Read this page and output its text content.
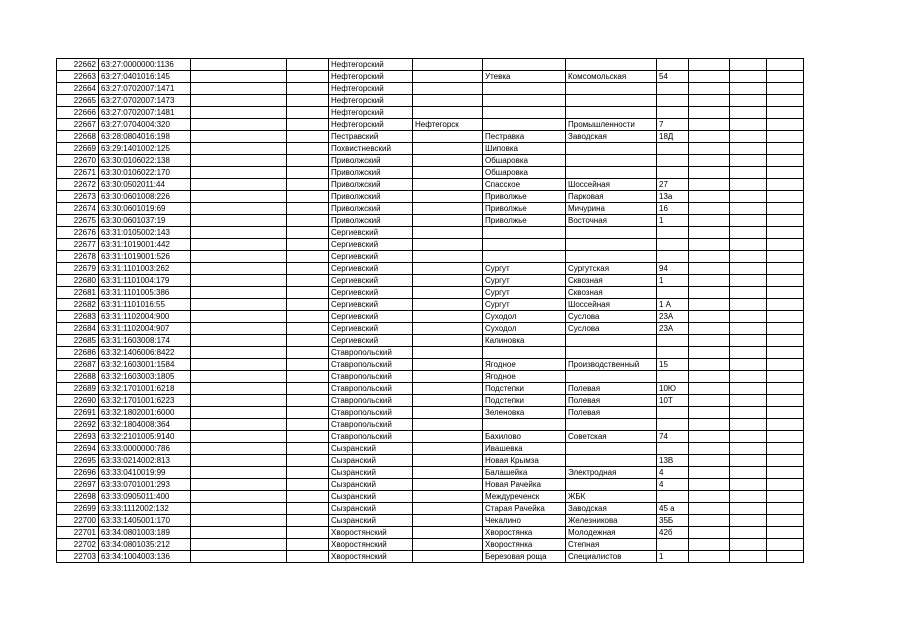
22662	63:27:0000000:1136			Нефтегорский							
22663	63:27:0401016:145			Нефтегорский		Утевка	Комсомольская	54			
22664	63:27:0702007:1471			Нефтегорский							
22665	63:27:0702007:1473			Нефтегорский							
22666	63:27:0702007:1481			Нефтегорский							
22667	63:27:0704004:320			Нефтегорский	Нефтегорск		Промышленности	7			
22668	63:28:0804016:198			Пестравский		Пестравка	Заводская	18Д			
22669	63:29:1401002:125			Похвистневский		Шиповка					
22670	63:30:0106022:138			Приволжский		Обшаровка					
22671	63:30:0106022:170			Приволжский		Обшаровка					
22672	63:30:0502011:44			Приволжский		Спасское	Шоссейная	27			
22673	63:30:0601008:226			Приволжский		Приволжье	Парковая	13а			
22674	63:30:0601019:69			Приволжский		Приволжье	Мичурина	16			
22675	63:30:0601037:19			Приволжский		Приволжье	Восточная	1			
22676	63:31:0105002:143			Сергиевский							
22677	63:31:1019001:442			Сергиевский							
22678	63:31:1019001:526			Сергиевский							
22679	63:31:1101003:262			Сергиевский		Сургут	Сургутская	94			
22680	63:31:1101004:179			Сергиевский		Сургут	Сквозная	1			
22681	63:31:1101005:386			Сергиевский		Сургут	Сквозная				
22682	63:31:1101016:55			Сергиевский		Сургут	Шоссейная	1 А			
22683	63:31:1102004:900			Сергиевский		Суходол	Суслова	23А			
22684	63:31:1102004:907			Сергиевский		Суходол	Суслова	23А			
22685	63:31:1603008:174			Сергиевский		Калиновка					
22686	63:32:1406006:8422			Ставропольский							
22687	63:32:1603001:1584			Ставропольский		Ягодное	Производственный	15			
22688	63:32:1603003:1805			Ставропольский		Ягодное					
22689	63:32:1701001:6218			Ставропольский		Подстепки	Полевая	10Ю			
22690	63:32:1701001:6223			Ставропольский		Подстепки	Полевая	10Т			
22691	63:32:1802001:6000			Ставропольский		Зеленовка	Полевая				
22692	63:32:1804008:364			Ставропольский							
22693	63:32:2101005:9140			Ставропольский		Бахилово	Советская	74			
22694	63:33:0000000:786			Сызранский		Ивашевка					
22695	63:33:0214002:813			Сызранский		Новая Крымза		13В			
22696	63:33:0410019:99			Сызранский		Балашейка	Электродная	4			
22697	63:33:0701001:293			Сызранский		Новая Рачейка		4			
22698	63:33:0905011:400			Сызранский		Междуреченск	ЖБК				
22699	63:33:1112002:132			Сызранский		Старая Рачейка	Заводская	45 а			
22700	63:33:1405001:170			Сызранский		Чекалино	Железникова	35Б			
22701	63:34:0801003:189			Хворостянский		Хворостянка	Молодежная	42б			
22702	63:34:0801035:212			Хворостянский		Хворостянка	Степная				
22703	63:34:1004003:136			Хворостянский		Березовая роща	Специалистов	1			
